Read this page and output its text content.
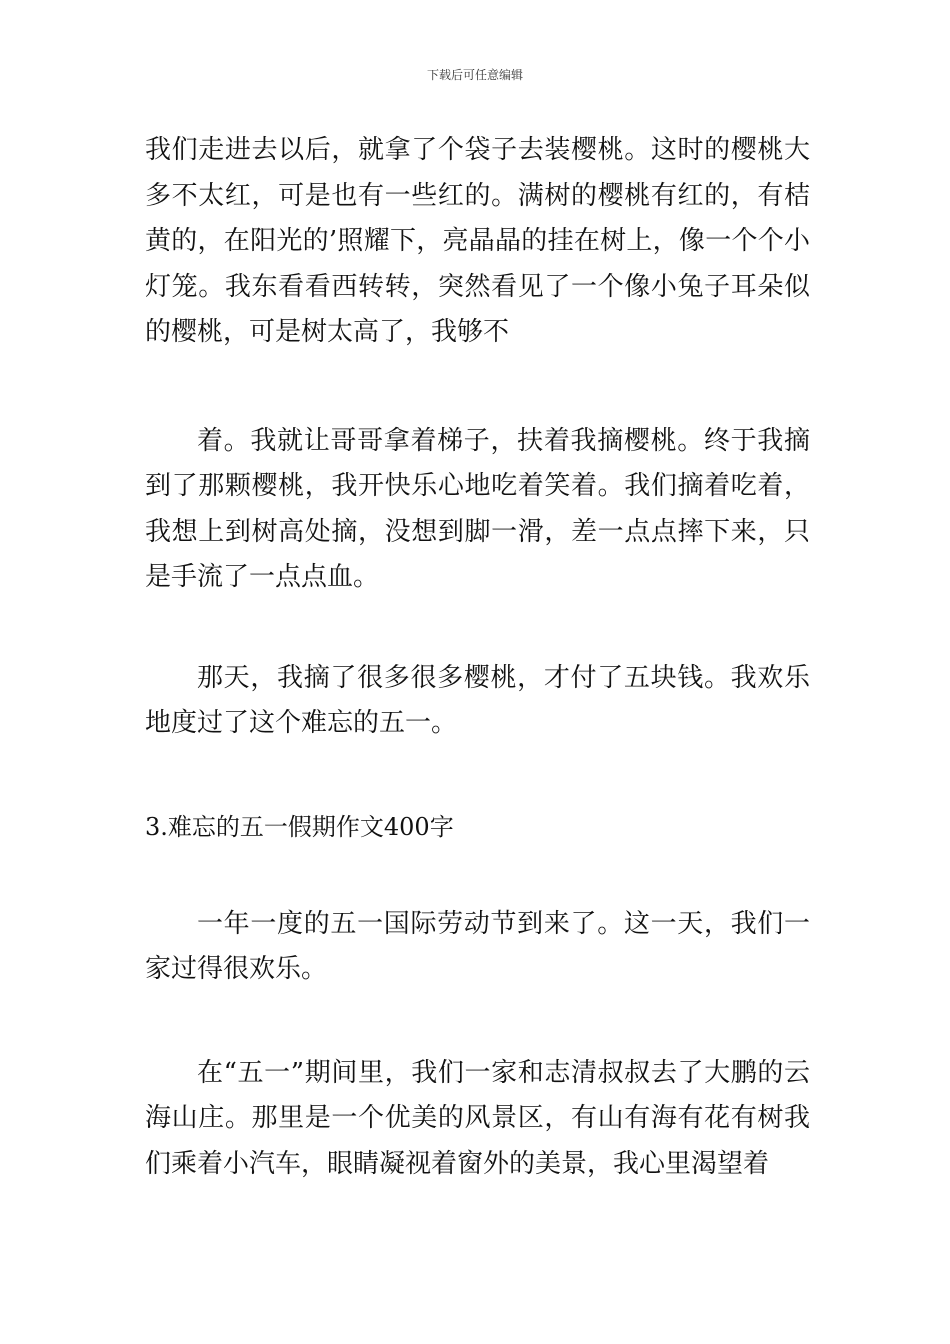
下载后可任意编辑

我们走进去以后，就拿了个袋子去装樱桃。这时的樱桃大多不太红，可是也有一些红的。满树的樱桃有红的，有桔黄的，在阳光的’照耀下，亮晶晶的挂在树上，像一个个小灯笼。我东看看西转转，突然看见了一个像小兔子耳朵似的樱桃，可是树太高了，我够不

着。我就让哥哥拿着梯子，扶着我摘樱桃。终于我摘到了那颗樱桃，我开快乐心地吃着笑着。我们摘着吃着，我想上到树高处摘，没想到脚一滑，差一点点摔下来，只是手流了一点点血。

那天，我摘了很多很多樱桃，才付了五块钱。我欢乐地度过了这个难忘的五一。

3.难忘的五一假期作文400字

一年一度的五一国际劳动节到来了。这一天，我们一家过得很欢乐。

在“五一”期间里，我们一家和志清叔叔去了大鹏的云海山庄。那里是一个优美的风景区，有山有海有花有树我们乘着小汽车，眼睛凝视着窗外的美景，我心里渴望着
